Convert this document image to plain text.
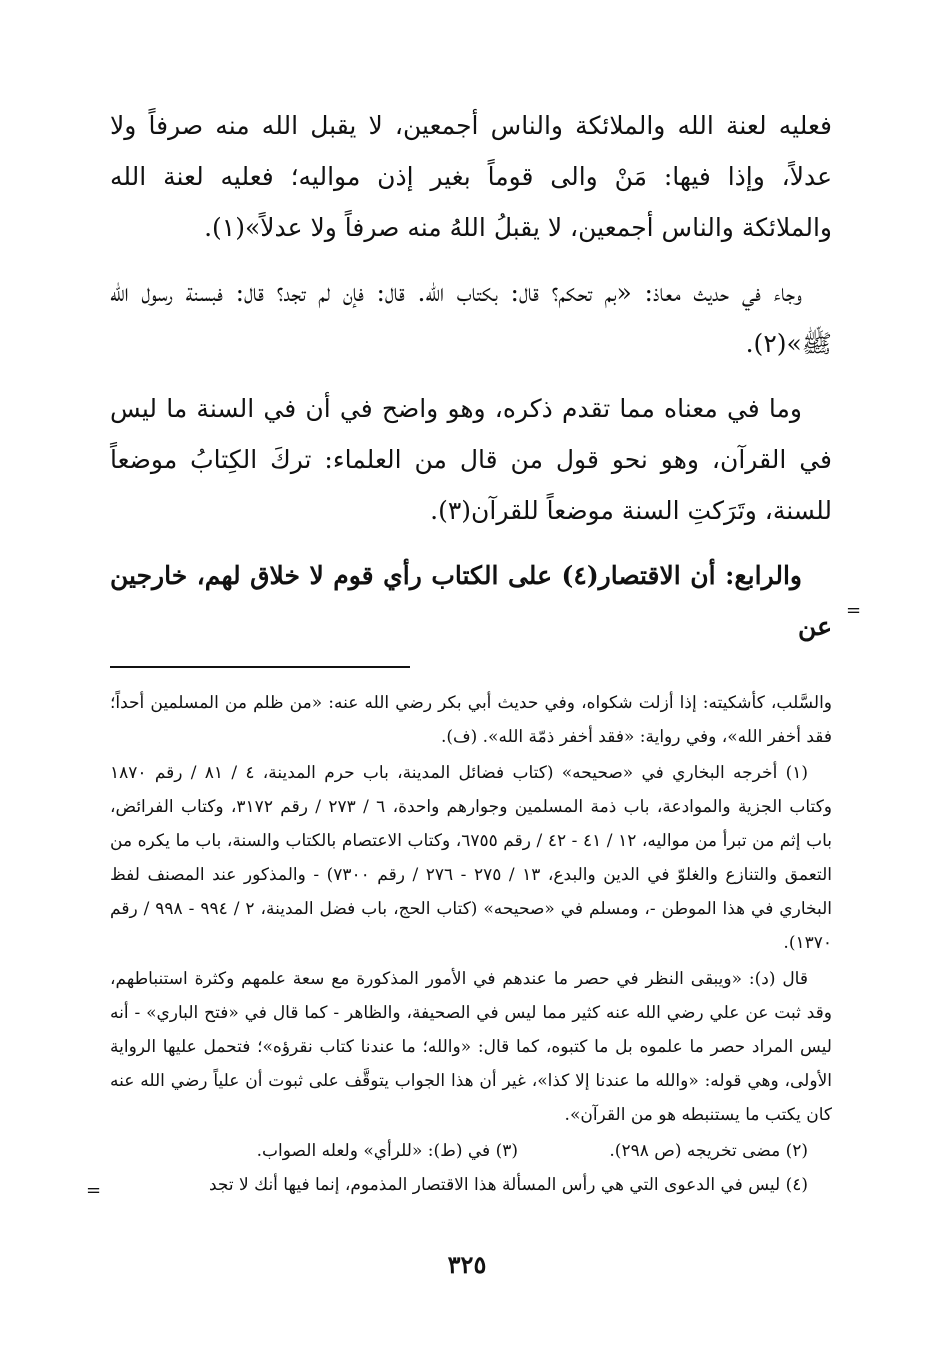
فعليه لعنة الله والملائكة والناس أجمعين، لا يقبل الله منه صرفاً ولا عدلاً، وإذا فيها: مَنْ والى قوماً بغير إذن مواليه؛ فعليه لعنة الله والملائكة والناس أجمعين، لا يقبلُ اللهُ منه صرفاً ولا عدلاً»(١).

وجاء في حديث معاذ: «بم تحكم؟ قال: بكتاب الله. قال: فإن لم تجد؟ قال: فبسنة رسول الله ﷺ»(٢).

وما في معناه مما تقدم ذكره، وهو واضح في أن في السنة ما ليس في القرآن، وهو نحو قول من قال من العلماء: تركَ الكِتابُ موضعاً للسنة، وتَرَكتِ السنة موضعاً للقرآن(٣).

والرابع: أن الاقتصار(٤) على الكتاب رأي قوم لا خلاق لهم، خارجين عن

والسَّلب، كأشكيته: إذا أزلت شكواه، وفي حديث أبي بكر رضي الله عنه: «من ظلم من المسلمين أحداً؛ فقد أخفر الله»، وفي رواية: «فقد أخفر ذمّة الله». (ف).

(١) أخرجه البخاري في «صحيحه» (كتاب فضائل المدينة، باب حرم المدينة، ٤ / ٨١ / رقم ١٨٧٠ وكتاب الجزية والموادعة، باب ذمة المسلمين وجوارهم واحدة، ٦ / ٢٧٣ / رقم ٣١٧٢، وكتاب الفرائض، باب إثم من تبرأ من مواليه، ١٢ / ٤١ - ٤٢ / رقم ٦٧٥٥، وكتاب الاعتصام بالكتاب والسنة، باب ما يكره من التعمق والتنازع والغلوّ في الدين والبدع، ١٣ / ٢٧٥ - ٢٧٦ / رقم ٧٣٠٠) - والمذكور عند المصنف لفظ البخاري في هذا الموطن -، ومسلم في «صحيحه» (كتاب الحج، باب فضل المدينة، ٢ / ٩٩٤ - ٩٩٨ / رقم ١٣٧٠).

قال (د): «ويبقى النظر في حصر ما عندهم في الأمور المذكورة مع سعة علمهم وكثرة استنباطهم، وقد ثبت عن علي رضي الله عنه كثير مما ليس في الصحيفة، والظاهر - كما قال في «فتح الباري» - أنه ليس المراد حصر ما علموه بل ما كتبوه، كما قال: «والله؛ ما عندنا كتاب نقرؤه»؛ فتحمل عليها الرواية الأولى، وهي قوله: «والله ما عندنا إلا كذا»، غير أن هذا الجواب يتوقَّف على ثبوت أن علياً رضي الله عنه كان يكتب ما يستنبطه هو من القرآن».

(٢) مضى تخريجه (ص ٢٩٨).
(٣) في (ط): «للرأي» ولعله الصواب.

(٤) ليس في الدعوى التي هي رأس المسألة هذا الاقتصار المذموم، إنما فيها أنك لا تجد

=
=
٣٢٥
